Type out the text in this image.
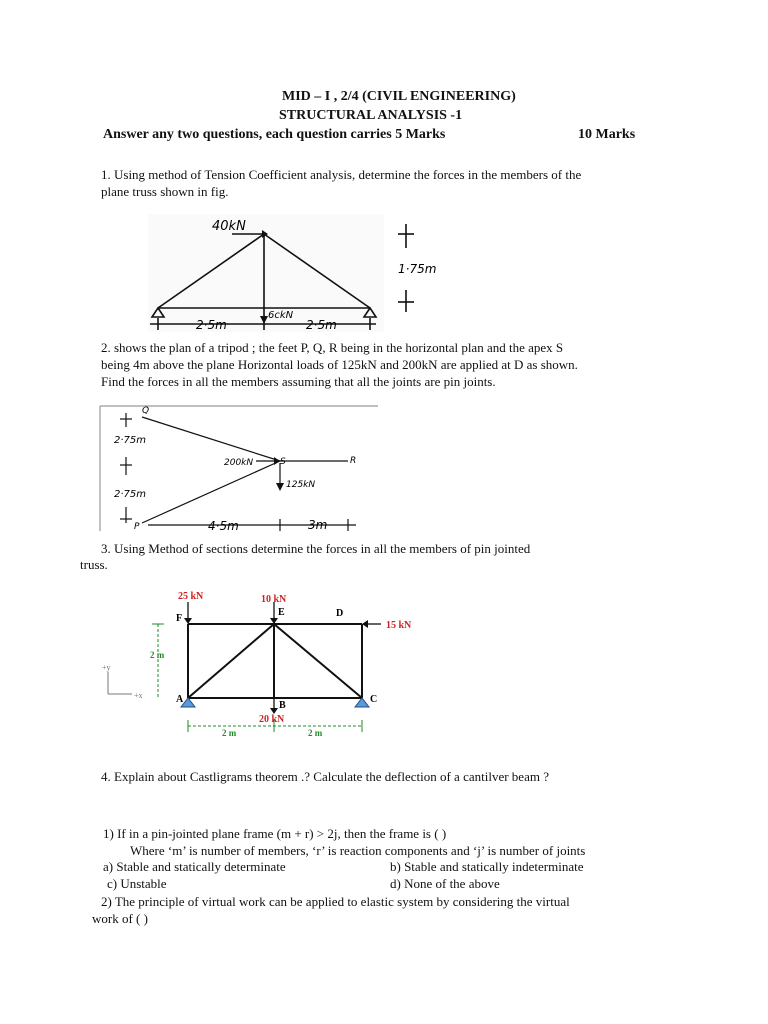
MID – I , 2/4 (CIVIL ENGINEERING)
STRUCTURAL ANALYSIS -1
Answer any two questions, each question carries 5 Marks	10 Marks
1. Using method of Tension Coefficient analysis, determine the forces in the members of the
plane truss shown in fig.
40kN
6ckN
1·75m
2·5m	2·5m
2. shows the plan of a tripod ; the feet P, Q, R being in the horizontal plan and the apex S
being 4m above the plane Horizontal loads of 125kN and 200kN are applied at D as shown.
Find the forces in all the members assuming that all the joints are pin joints.
Q
S	R
P
2·75m
2·75m
200kN
125kN
4·5m	3m
3. Using Method of sections determine the forces in all the members of pin jointed
truss.
25 kN	10 kN
15 kN
20 kN
F
E	D
A
B
C
2 m
2 m	2 m
+y
+x
4. Explain about Castligrams theorem .? Calculate the deflection of a cantilver beam ?
1) If in a pin-jointed plane frame (m + r) > 2j, then the frame is ( )
Where ‘m’ is number of members, ‘r’ is reaction components and ‘j’ is number of joints
a) Stable and statically determinate	b) Stable and statically indeterminate
c) Unstable	d) None of the above
2) The principle of virtual work can be applied to elastic system by considering the virtual
work of ( )
